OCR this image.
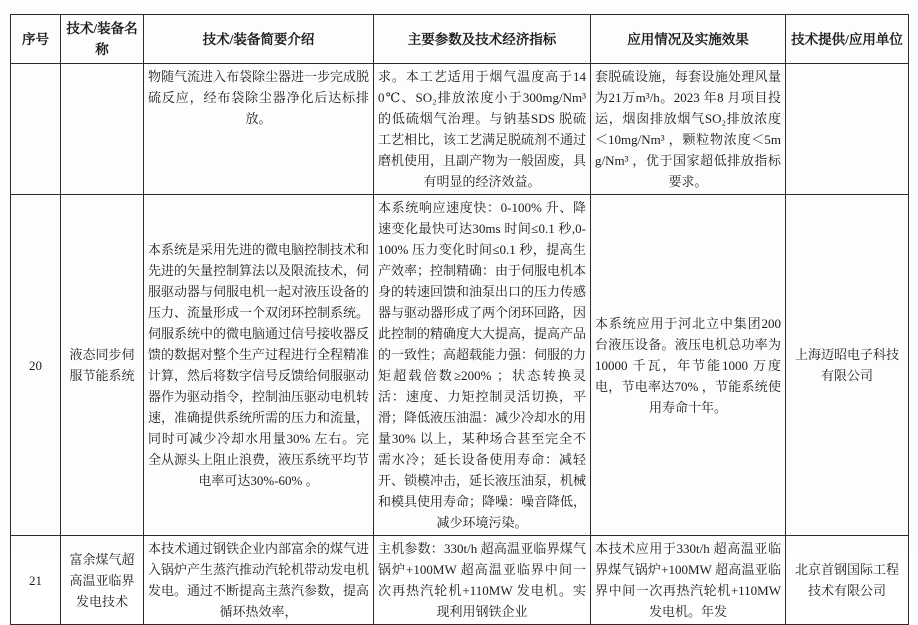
序号	技术/装备名称	技术/装备简要介绍	主要参数及技术经济指标	应用情况及实施效果	技术提供/应用单位
		物随气流进入布袋除尘器进一步完成脱硫反应，经布袋除尘器净化后达标排放。	求。本工艺适用于烟气温度高于140℃、SO₂排放浓度小于300mg/Nm³ 的低硫烟气治理。与钠基SDS 脱硫工艺相比，该工艺满足脱硫剂不通过磨机使用，且副产物为一般固废，具有明显的经济效益。	套脱硫设施，每套设施处理风量为21万m³/h。2023 年8 月项目投运，烟囱排放烟气SO₂排放浓度＜10mg/Nm³ ，颗粒物浓度＜5mg/Nm³ ，优于国家超低排放指标要求。	
20	液态同步伺服节能系统	本系统是采用先进的微电脑控制技术和先进的矢量控制算法以及限流技术，伺服驱动器与伺服电机一起对液压设备的压力、流量形成一个双闭环控制系统。伺服系统中的微电脑通过信号接收器反馈的数据对整个生产过程进行全程精准计算，然后将数字信号反馈给伺服驱动器作为驱动指令，控制油压驱动电机转速，准确提供系统所需的压力和流量，同时可减少冷却水用量30% 左右。完全从源头上阻止浪费，液压系统平均节电率可达30%-60% 。	本系统响应速度快：0-100% 升、降速变化最快可达30ms 时间≤0.1 秒,0-100% 压力变化时间≤0.1 秒，提高生产效率；控制精确：由于伺服电机本身的转速回馈和油泵出口的压力传感器与驱动器形成了两个闭环回路，因此控制的精确度大大提高，提高产品的一致性；高超载能力强：伺服的力矩超载倍数≥200% ；状态转换灵活：速度、力矩控制灵活切换，平滑；降低液压油温：减少冷却水的用量30% 以上，某种场合甚至完全不需水冷；延长设备使用寿命：减轻开、锁模冲击，延长液压油泵，机械和模具使用寿命；降噪：噪音降低，减少环境污染。	本系统应用于河北立中集团200 台液压设备。液压电机总功率为10000 千瓦，年节能1000 万度电，节电率达70% ，节能系统使用寿命十年。	上海迈昭电子科技有限公司
21	富余煤气超高温亚临界发电技术	本技术通过钢铁企业内部富余的煤气进入锅炉产生蒸汽推动汽轮机带动发电机发电。通过不断提高主蒸汽参数，提高循环热效率，	主机参数：330t/h 超高温亚临界煤气锅炉+100MW 超高温亚临界中间一次再热汽轮机+110MW 发电机。实现利用钢铁企业	本技术应用于330t/h 超高温亚临界煤气锅炉+100MW 超高温亚临界中间一次再热汽轮机+110MW 发电机。年发	北京首钢国际工程技术有限公司
